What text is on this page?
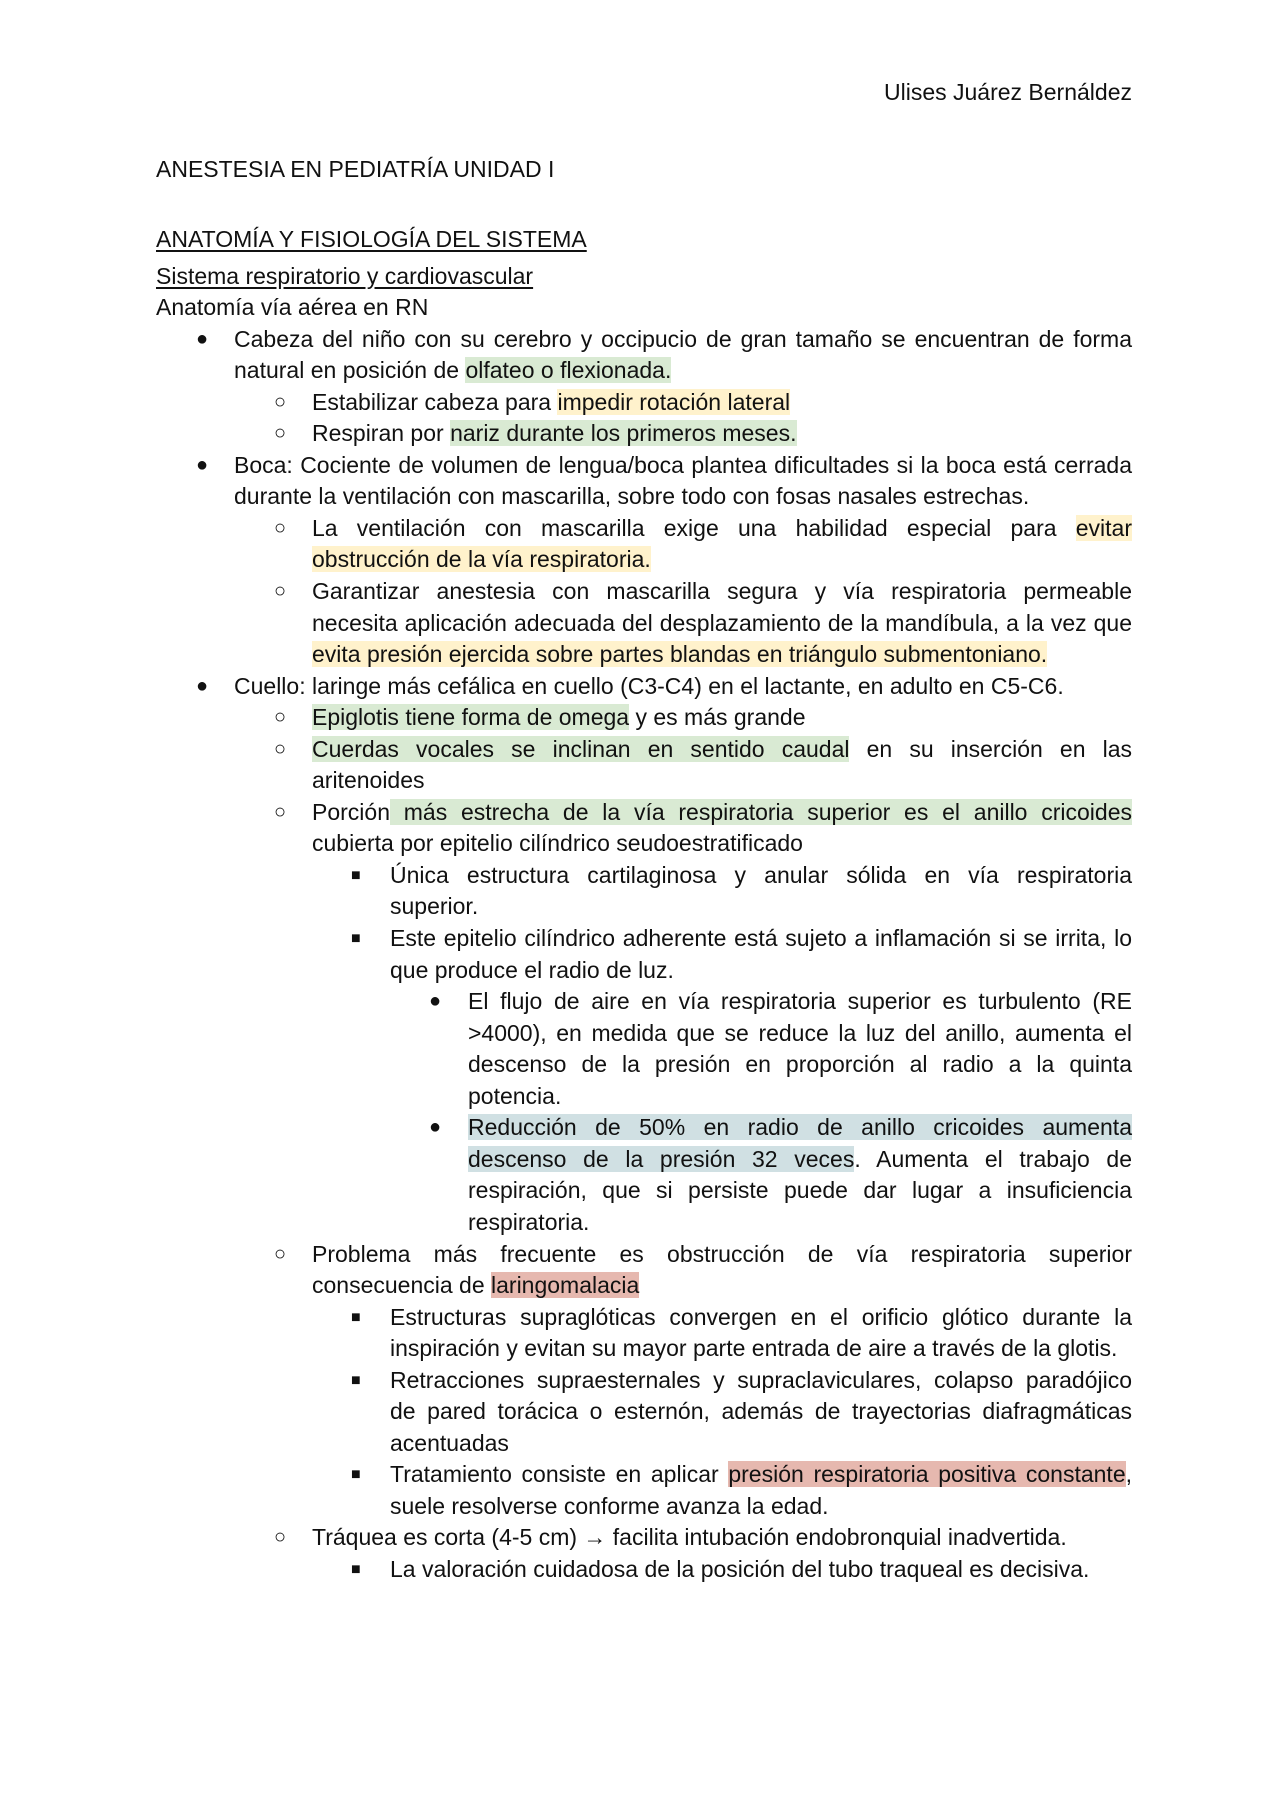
Ulises Juárez Bernáldez
ANESTESIA EN PEDIATRÍA UNIDAD I

ANATOMÍA Y FISIOLOGÍA DEL SISTEMA

Sistema respiratorio y cardiovascular

Anatomía vía aérea en RN

● Cabeza del niño con su cerebro y occipucio de gran tamaño se encuentran de forma natural en posición de olfateo o flexionada.
○ Estabilizar cabeza para impedir rotación lateral
○ Respiran por nariz durante los primeros meses.
● Boca: Cociente de volumen de lengua/boca plantea dificultades si la boca está cerrada durante la ventilación con mascarilla, sobre todo con fosas nasales estrechas.
○ La ventilación con mascarilla exige una habilidad especial para evitar obstrucción de la vía respiratoria.
○ Garantizar anestesia con mascarilla segura y vía respiratoria permeable necesita aplicación adecuada del desplazamiento de la mandíbula, a la vez que evita presión ejercida sobre partes blandas en triángulo submentoniano.
● Cuello: laringe más cefálica en cuello (C3-C4) en el lactante, en adulto en C5-C6.
○ Epiglotis tiene forma de omega y es más grande
○ Cuerdas vocales se inclinan en sentido caudal en su inserción en las aritenoides
○ Porción más estrecha de la vía respiratoria superior es el anillo cricoides cubierta por epitelio cilíndrico seudoestratificado
■ Única estructura cartilaginosa y anular sólida en vía respiratoria superior.
■ Este epitelio cilíndrico adherente está sujeto a inflamación si se irrita, lo que produce el radio de luz.
● El flujo de aire en vía respiratoria superior es turbulento (RE >4000), en medida que se reduce la luz del anillo, aumenta el descenso de la presión en proporción al radio a la quinta potencia.
● Reducción de 50% en radio de anillo cricoides aumenta descenso de la presión 32 veces. Aumenta el trabajo de respiración, que si persiste puede dar lugar a insuficiencia respiratoria.
○ Problema más frecuente es obstrucción de vía respiratoria superior consecuencia de laringomalacia
■ Estructuras supraglóticas convergen en el orificio glótico durante la inspiración y evitan su mayor parte entrada de aire a través de la glotis.
■ Retracciones supraesternales y supraclaviculares, colapso paradójico de pared torácica o esternón, además de trayectorias diafragmáticas acentuadas
■ Tratamiento consiste en aplicar presión respiratoria positiva constante, suele resolverse conforme avanza la edad.
○ Tráquea es corta (4-5 cm) → facilita intubación endobronquial inadvertida.
■ La valoración cuidadosa de la posición del tubo traqueal es decisiva.
